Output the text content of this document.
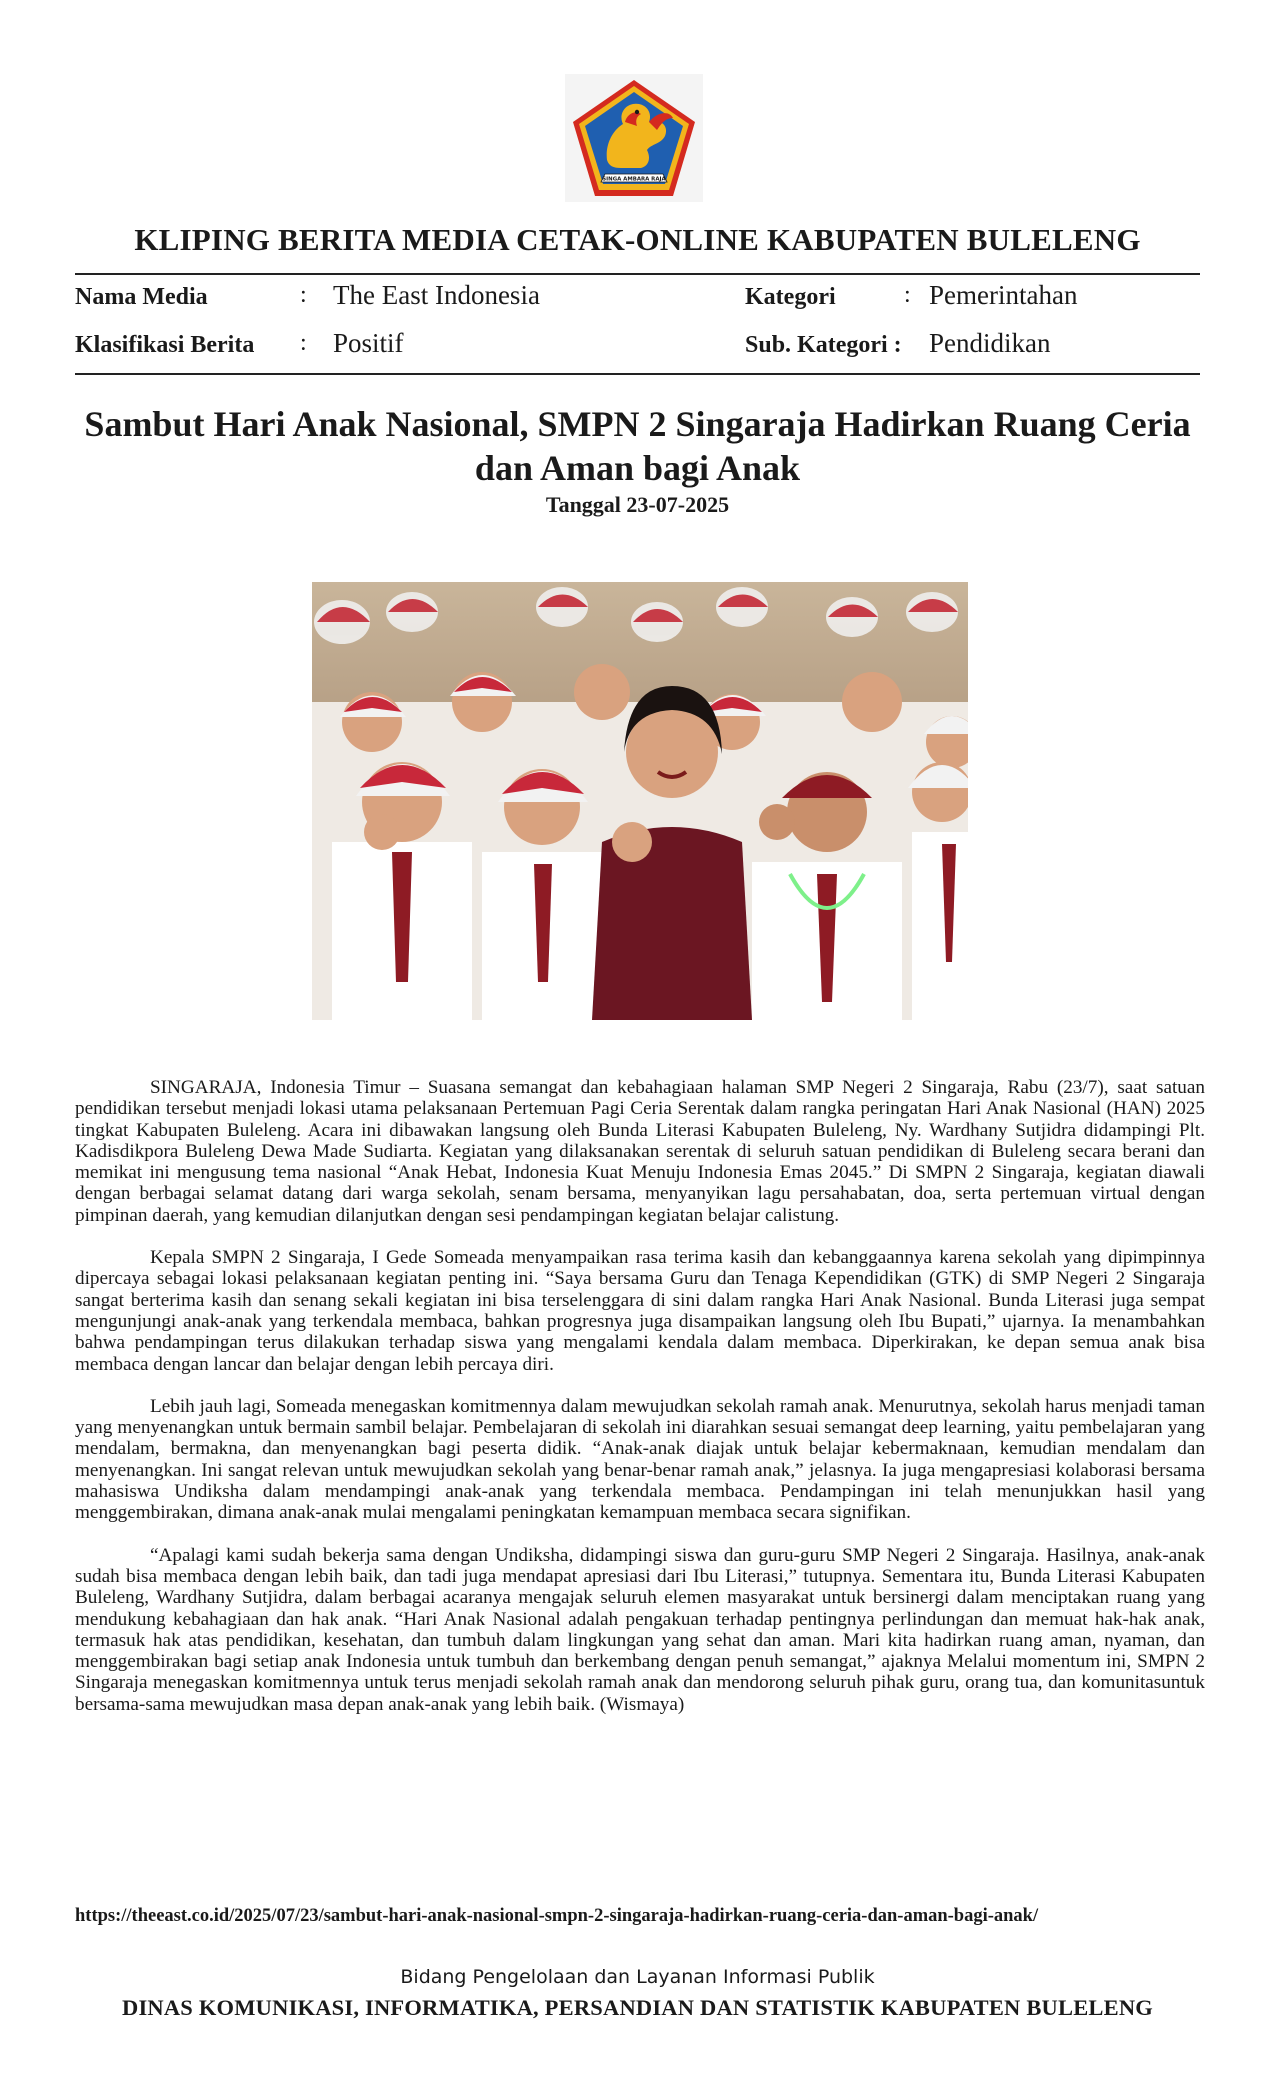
SINGA AMBARA RAJA
KLIPING BERITA MEDIA CETAK-ONLINE KABUPATEN BULELENG
Nama Media	: The East Indonesia	Kategori	: Pemerintahan
Klasifikasi Berita : Positif	Sub. Kategori : Pendidikan
Sambut Hari Anak Nasional, SMPN 2 Singaraja Hadirkan Ruang Ceria
dan Aman bagi Anak
Tanggal 23-07-2025

SINGARAJA, Indonesia Timur – Suasana semangat dan kebahagiaan halaman SMP Negeri 2 Singaraja, Rabu (23/7), saat satuan pendidikan tersebut menjadi lokasi utama pelaksanaan Pertemuan Pagi Ceria Serentak dalam rangka peringatan Hari Anak Nasional (HAN) 2025 tingkat Kabupaten Buleleng. Acara ini dibawakan langsung oleh Bunda Literasi Kabupaten Buleleng, Ny. Wardhany Sutjidra didampingi Plt. Kadisdikpora Buleleng Dewa Made Sudiarta. Kegiatan yang dilaksanakan serentak di seluruh satuan pendidikan di Buleleng secara berani dan memikat ini mengusung tema nasional “Anak Hebat, Indonesia Kuat Menuju Indonesia Emas 2045.” Di SMPN 2 Singaraja, kegiatan diawali dengan berbagai selamat datang dari warga sekolah, senam bersama, menyanyikan lagu persahabatan, doa, serta pertemuan virtual dengan pimpinan daerah, yang kemudian dilanjutkan dengan sesi pendampingan kegiatan belajar calistung.

Kepala SMPN 2 Singaraja, I Gede Someada menyampaikan rasa terima kasih dan kebanggaannya karena sekolah yang dipimpinnya dipercaya sebagai lokasi pelaksanaan kegiatan penting ini. “Saya bersama Guru dan Tenaga Kependidikan (GTK) di SMP Negeri 2 Singaraja sangat berterima kasih dan senang sekali kegiatan ini bisa terselenggara di sini dalam rangka Hari Anak Nasional. Bunda Literasi juga sempat mengunjungi anak-anak yang terkendala membaca, bahkan progresnya juga disampaikan langsung oleh Ibu Bupati,” ujarnya. Ia menambahkan bahwa pendampingan terus dilakukan terhadap siswa yang mengalami kendala dalam membaca. Diperkirakan, ke depan semua anak bisa membaca dengan lancar dan belajar dengan lebih percaya diri.

Lebih jauh lagi, Someada menegaskan komitmennya dalam mewujudkan sekolah ramah anak. Menurutnya, sekolah harus menjadi taman yang menyenangkan untuk bermain sambil belajar. Pembelajaran di sekolah ini diarahkan sesuai semangat deep learning, yaitu pembelajaran yang mendalam, bermakna, dan menyenangkan bagi peserta didik. “Anak-anak diajak untuk belajar kebermaknaan, kemudian mendalam dan menyenangkan. Ini sangat relevan untuk mewujudkan sekolah yang benar-benar ramah anak,” jelasnya. Ia juga mengapresiasi kolaborasi bersama mahasiswa Undiksha dalam mendampingi anak-anak yang terkendala membaca. Pendampingan ini telah menunjukkan hasil yang menggembirakan, dimana anak-anak mulai mengalami peningkatan kemampuan membaca secara signifikan.

“Apalagi kami sudah bekerja sama dengan Undiksha, didampingi siswa dan guru-guru SMP Negeri 2 Singaraja. Hasilnya, anak-anak sudah bisa membaca dengan lebih baik, dan tadi juga mendapat apresiasi dari Ibu Literasi,” tutupnya. Sementara itu, Bunda Literasi Kabupaten Buleleng, Wardhany Sutjidra, dalam berbagai acaranya mengajak seluruh elemen masyarakat untuk bersinergi dalam menciptakan ruang yang mendukung kebahagiaan dan hak anak. “Hari Anak Nasional adalah pengakuan terhadap pentingnya perlindungan dan memuat hak-hak anak, termasuk hak atas pendidikan, kesehatan, dan tumbuh dalam lingkungan yang sehat dan aman. Mari kita hadirkan ruang aman, nyaman, dan menggembirakan bagi setiap anak Indonesia untuk tumbuh dan berkembang dengan penuh semangat,” ajaknya Melalui momentum ini, SMPN 2 Singaraja menegaskan komitmennya untuk terus menjadi sekolah ramah anak dan mendorong seluruh pihak guru, orang tua, dan komunitasuntuk bersama-sama mewujudkan masa depan anak-anak yang lebih baik. (Wismaya)

https://theeast.co.id/2025/07/23/sambut-hari-anak-nasional-smpn-2-singaraja-hadirkan-ruang-ceria-dan-aman-bagi-anak/
Bidang Pengelolaan dan Layanan Informasi Publik
DINAS KOMUNIKASI, INFORMATIKA, PERSANDIAN DAN STATISTIK KABUPATEN BULELENG
